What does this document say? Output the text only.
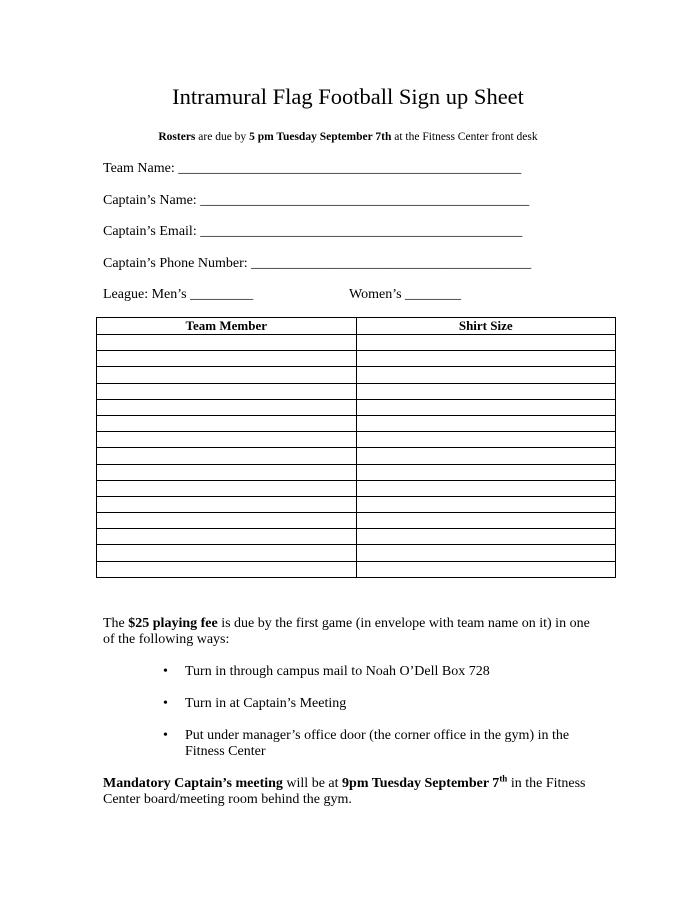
Intramural Flag Football Sign up Sheet
Rosters are due by 5 pm Tuesday September 7th at the Fitness Center front desk
Team Name: _________________________________________________
Captain’s Name: _______________________________________________
Captain’s Email: ______________________________________________
Captain’s Phone Number: ________________________________________
League: Men’s _________	Women’s ________
Team Member	Shirt Size

The $25 playing fee is due by the first game (in envelope with team name on it) in one of the following ways:
• Turn in through campus mail to Noah O’Dell Box 728
• Turn in at Captain’s Meeting
• Put under manager’s office door (the corner office in the gym) in the Fitness Center
Mandatory Captain’s meeting will be at 9pm Tuesday September 7th in the Fitness Center board/meeting room behind the gym.
